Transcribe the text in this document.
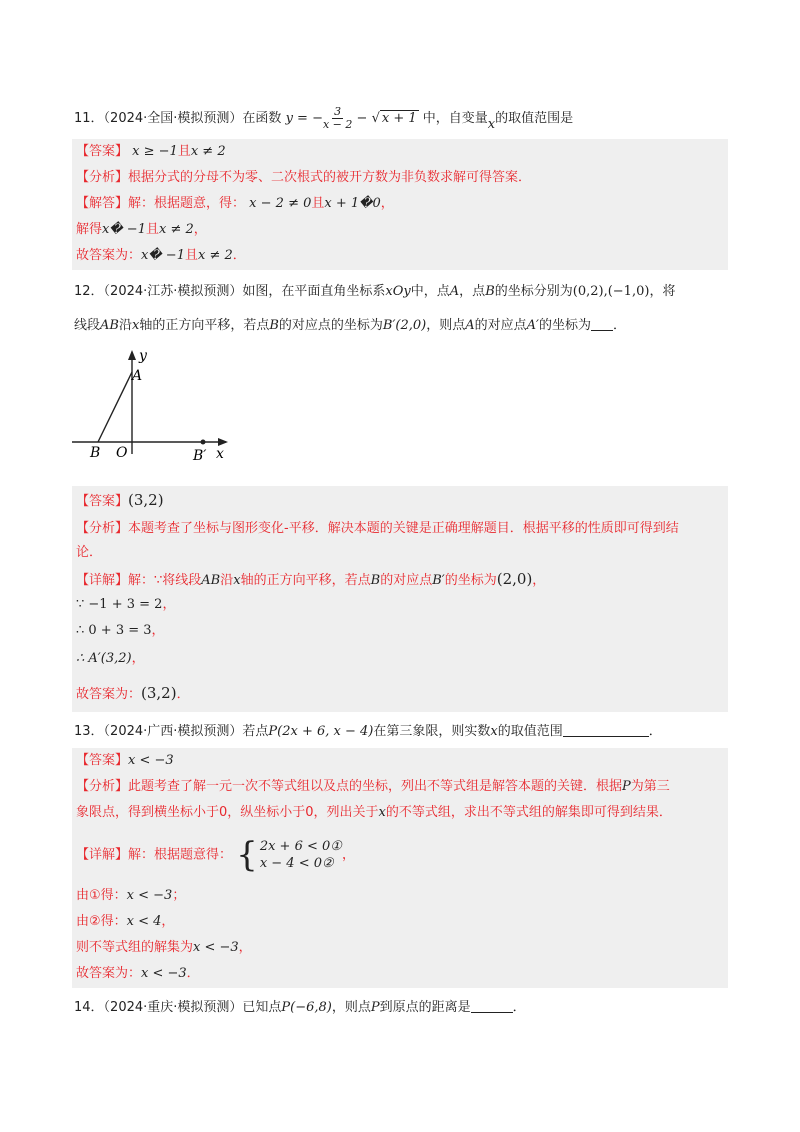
11．（2024·全国·模拟预测）在函数 y = − $\frac{3}{x - 2}$ − √ x + 1 中，自变量x的取值范围是
【答案】 x ≥ −1且x ≠ 2
【分析】根据分式的分母不为零、二次根式的被开方数为非负数求解可得答案．
【解答】解：根据题意，得： x − 2 ≠ 0且x + 1�0，
解得x� −1且x ≠ 2，
故答案为：x� −1且x ≠ 2．
12．（2024·江苏·模拟预测）如图，在平面直角坐标系xOy中，点A，点B的坐标分别为(0,2),(−1,0)，将
线段AB沿x轴的正方向平移，若点B的对应点的坐标为B′(2,0)，则点A的对应点A′的坐标为 ．
y
A
B O	B′ x
【答案】(3,2)
【分析】本题考查了坐标与图形变化-平移．解决本题的关键是正确理解题目．根据平移的性质即可得到结
论．
【详解】解：∵将线段AB沿x轴的正方向平移，若点B的对应点B′的坐标为(2,0)，
∵ −1 + 3 = 2，
∴ 0 + 3 = 3，
∴ A′(3,2)，
故答案为：(3,2)．
13．（2024·广西·模拟预测）若点P(2x + 6, x − 4)在第三象限，则实数x的取值范围	．
【答案】x < −3
【分析】此题考查了解一元一次不等式组以及点的坐标，列出不等式组是解答本题的关键．根据P为第三
象限点，得到横坐标小于0，纵坐标小于0，列出关于x的不等式组，求出不等式组的解集即可得到结果．
【详解】解：根据题意得： { 2x + 6 < 0①
x − 4 < 0②
，
由①得：x < −3；
由②得：x < 4，
则不等式组的解集为x < −3，
故答案为：x < −3．
14．（2024·重庆·模拟预测）已知点P(−6,8)，则点P到原点的距离是	．
